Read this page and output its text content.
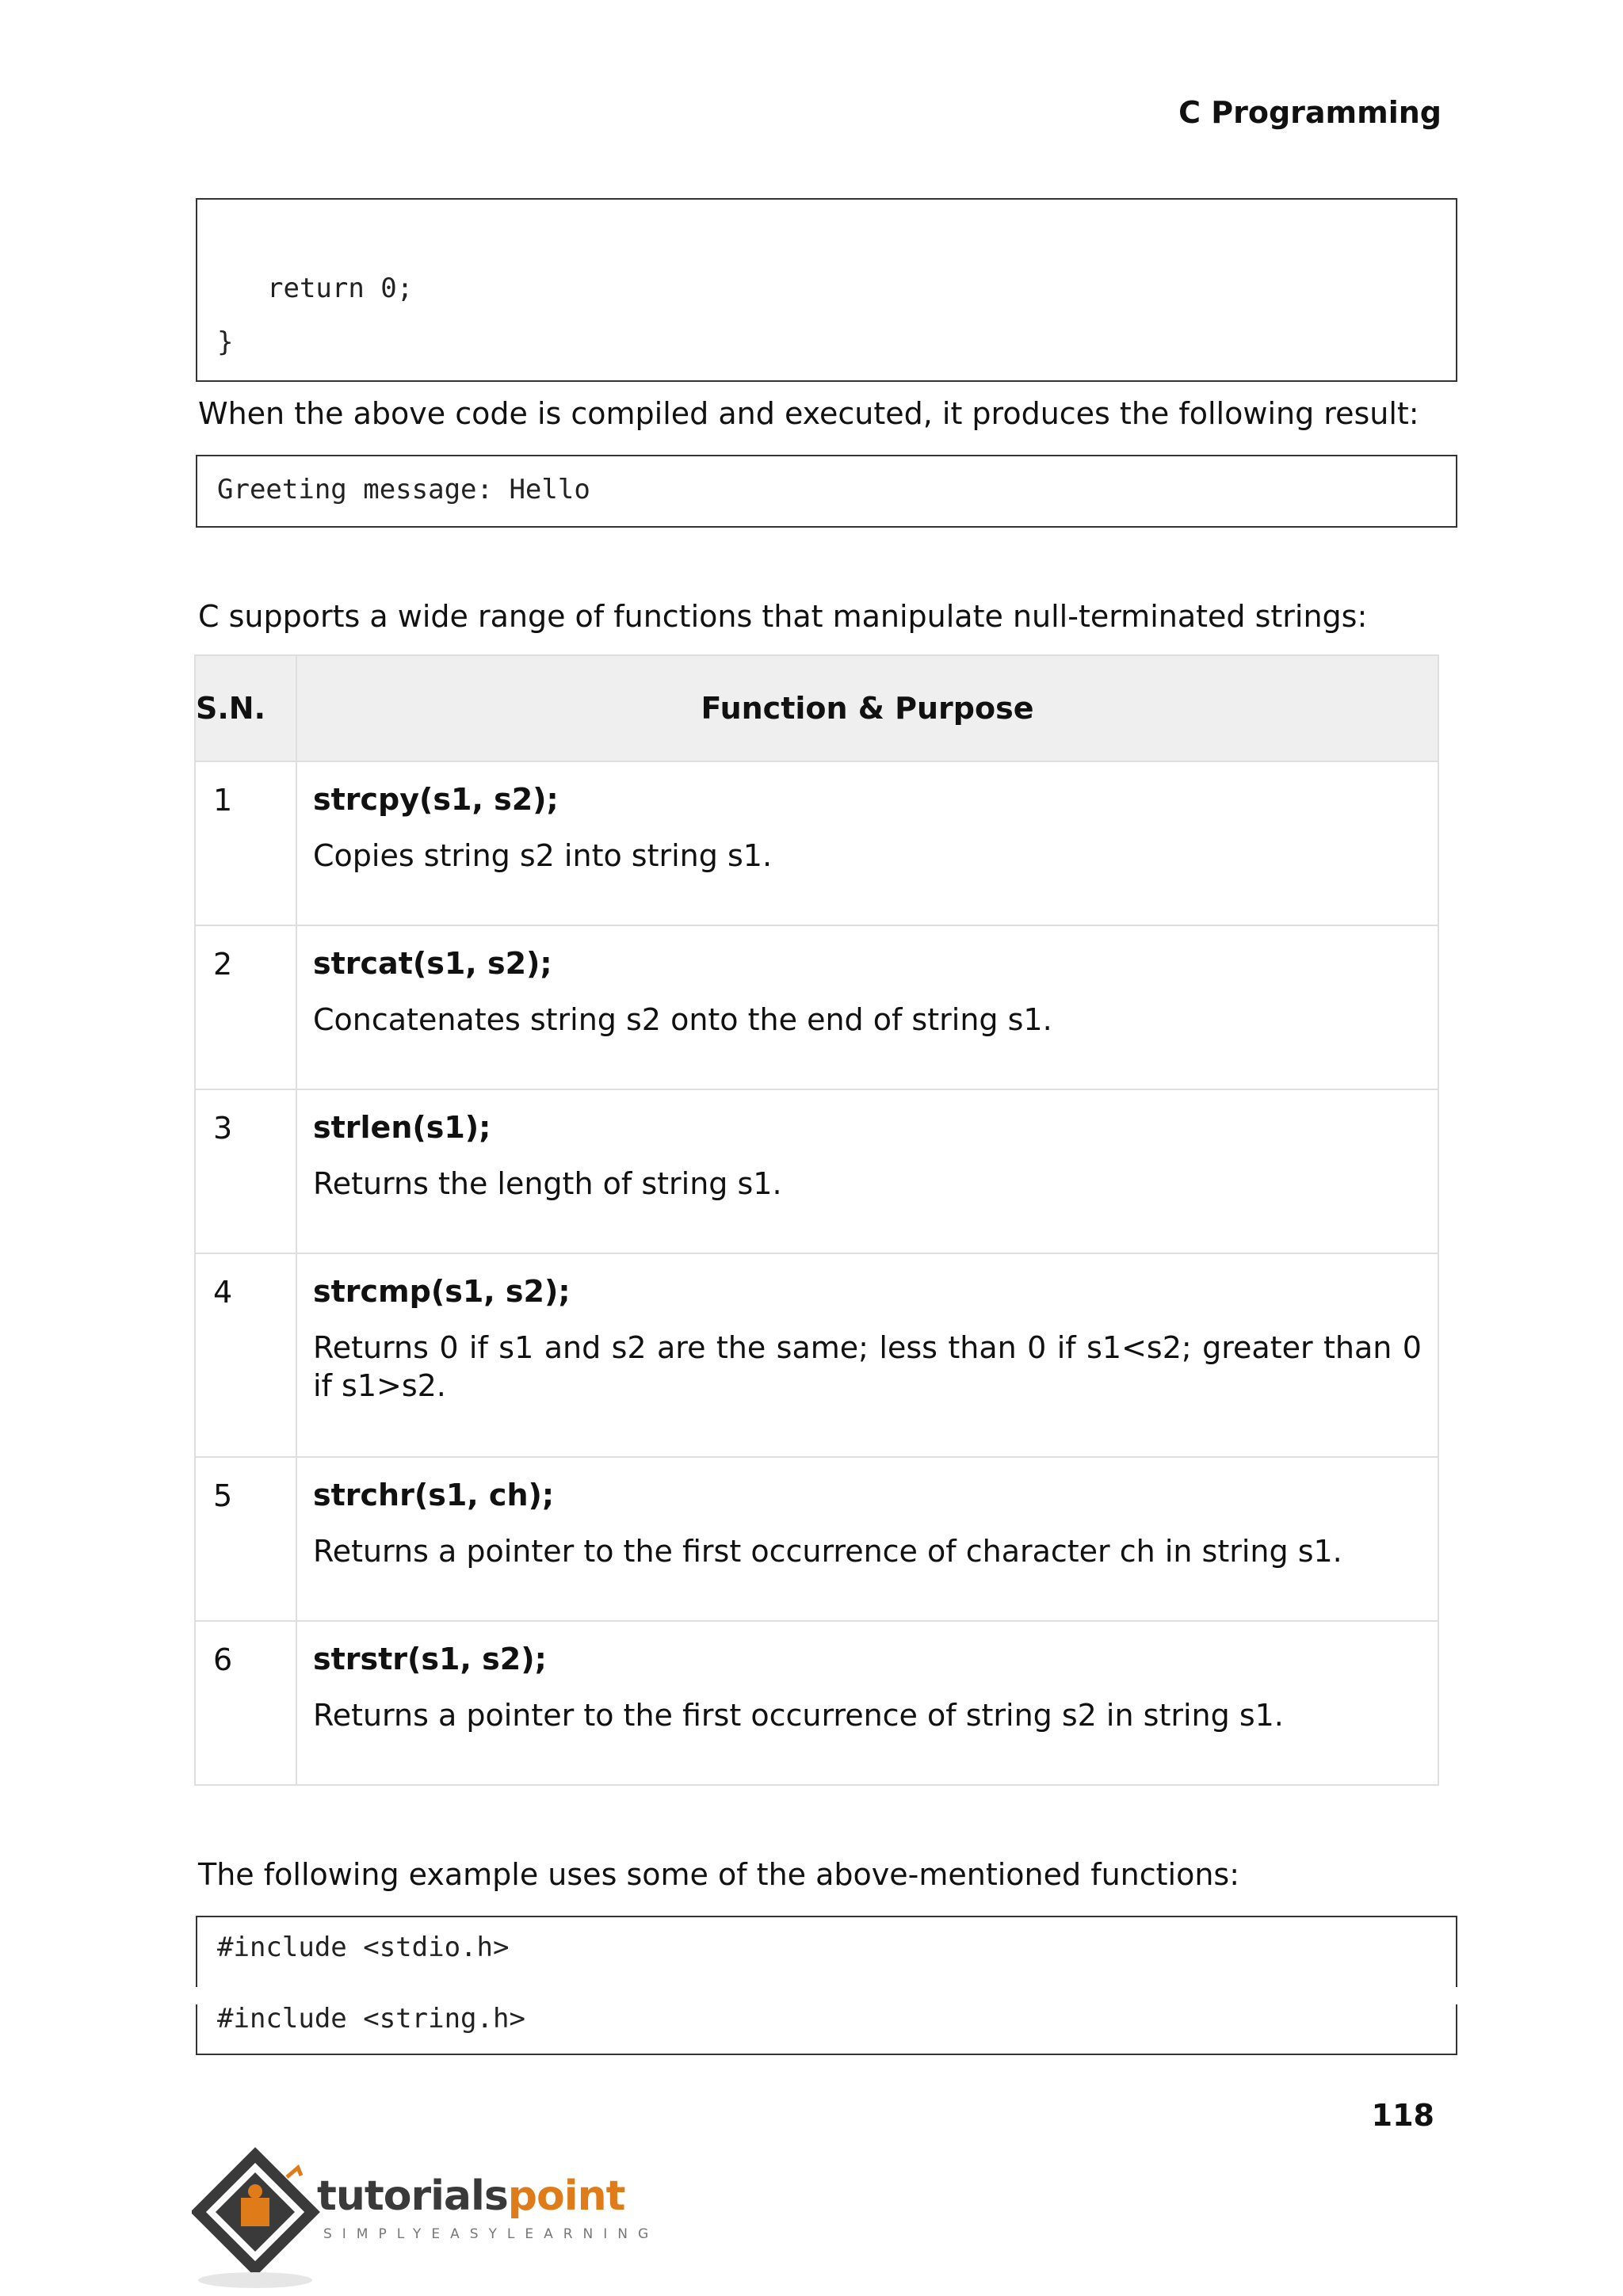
C Programming
return 0;
}
When the above code is compiled and executed, it produces the following result:
Greeting message: Hello
C supports a wide range of functions that manipulate null-terminated strings:
S.N.	Function & Purpose
1	strcpy(s1, s2);
Copies string s2 into string s1.

2	strcat(s1, s2);
Concatenates string s2 onto the end of string s1.

3	strlen(s1);
Returns the length of string s1.

4	strcmp(s1, s2);
Returns 0 if s1 and s2 are the same; less than 0 if s1<s2; greater than 0 if s1>s2.

5	strchr(s1, ch);
Returns a pointer to the first occurrence of character ch in string s1.

6	strstr(s1, s2);
Returns a pointer to the first occurrence of string s2 in string s1.
The following example uses some of the above-mentioned functions:
#include <stdio.h>
#include <string.h>
118
tutorialspoint
SIMPLYEASYLEARNING
